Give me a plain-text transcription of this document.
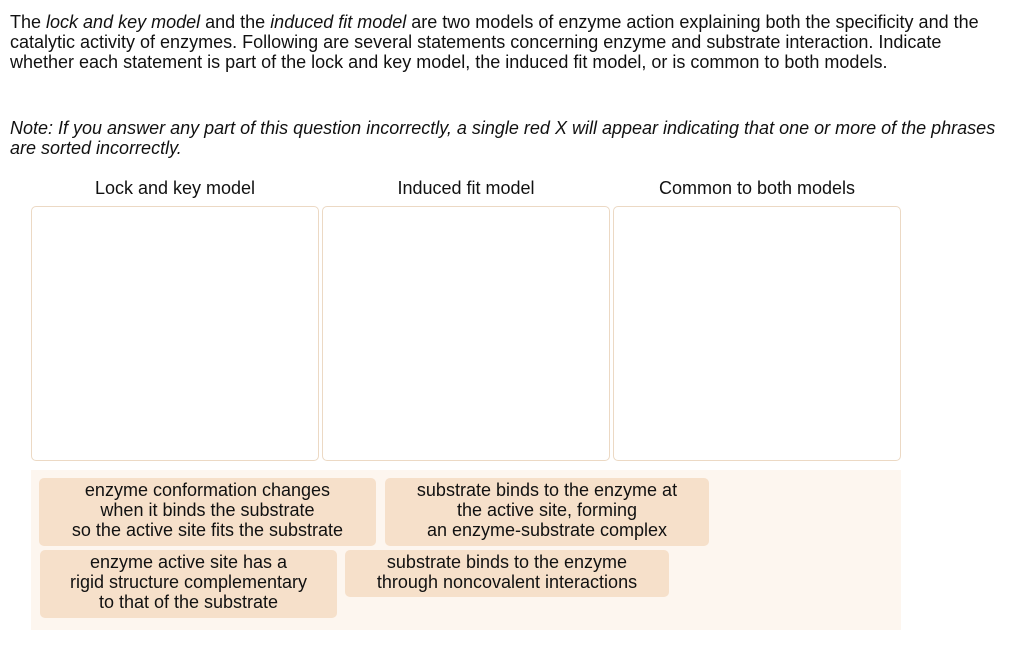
The lock and key model and the induced fit model are two models of enzyme action explaining both the specificity and the catalytic activity of enzymes. Following are several statements concerning enzyme and substrate interaction. Indicate whether each statement is part of the lock and key model, the induced fit model, or is common to both models.

Note: If you answer any part of this question incorrectly, a single red X will appear indicating that one or more of the phrases are sorted incorrectly.

Lock and key model	Induced fit model	Common to both models
enzyme conformation changes
when it binds the substrate
so the active site fits the substrate
substrate binds to the enzyme at
the active site, forming
an enzyme-substrate complex
enzyme active site has a
rigid structure complementary
to that of the substrate
substrate binds to the enzyme
through noncovalent interactions
